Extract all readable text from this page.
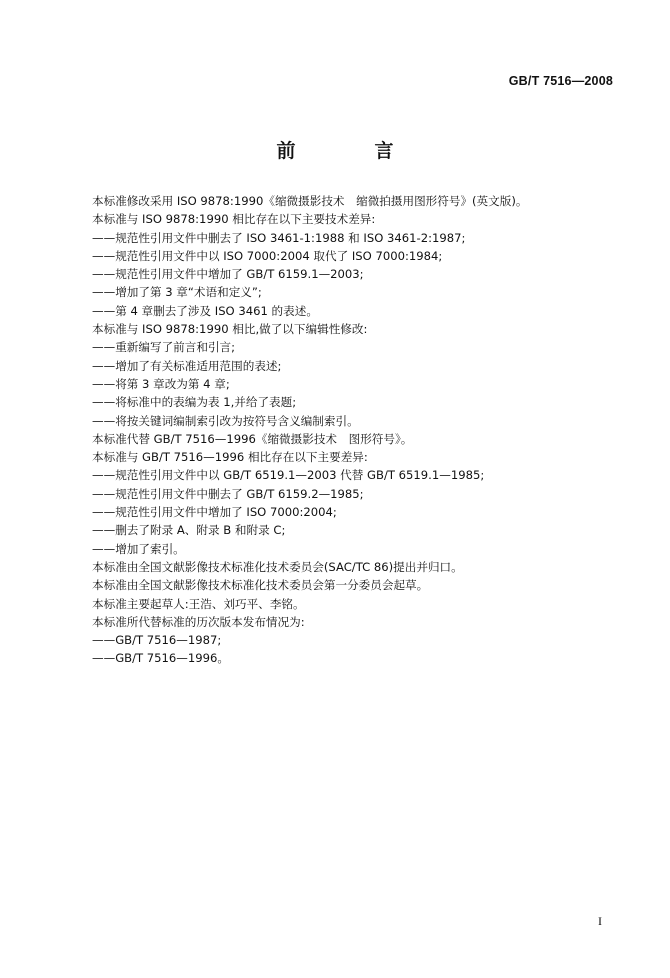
GB/T 7516—2008
前　言
本标准修改采用 ISO 9878:1990《缩微摄影技术　缩微拍摄用图形符号》(英文版)。
本标准与 ISO 9878:1990 相比存在以下主要技术差异:
——规范性引用文件中删去了 ISO 3461-1:1988 和 ISO 3461-2:1987;
——规范性引用文件中以 ISO 7000:2004 取代了 ISO 7000:1984;
——规范性引用文件中增加了 GB/T 6159.1—2003;
——增加了第 3 章“术语和定义”;
——第 4 章删去了涉及 ISO 3461 的表述。
本标准与 ISO 9878:1990 相比,做了以下编辑性修改:
——重新编写了前言和引言;
——增加了有关标准适用范围的表述;
——将第 3 章改为第 4 章;
——将标准中的表编为表 1,并给了表题;
——将按关键词编制索引改为按符号含义编制索引。
本标准代替 GB/T 7516—1996《缩微摄影技术　图形符号》。
本标准与 GB/T 7516—1996 相比存在以下主要差异:
——规范性引用文件中以 GB/T 6519.1—2003 代替 GB/T 6519.1—1985;
——规范性引用文件中删去了 GB/T 6159.2—1985;
——规范性引用文件中增加了 ISO 7000:2004;
——删去了附录 A、附录 B 和附录 C;
——增加了索引。
本标准由全国文献影像技术标准化技术委员会(SAC/TC 86)提出并归口。
本标准由全国文献影像技术标准化技术委员会第一分委员会起草。
本标准主要起草人:王浩、刘巧平、李铭。
本标准所代替标准的历次版本发布情况为:
——GB/T 7516—1987;
——GB/T 7516—1996。
I
